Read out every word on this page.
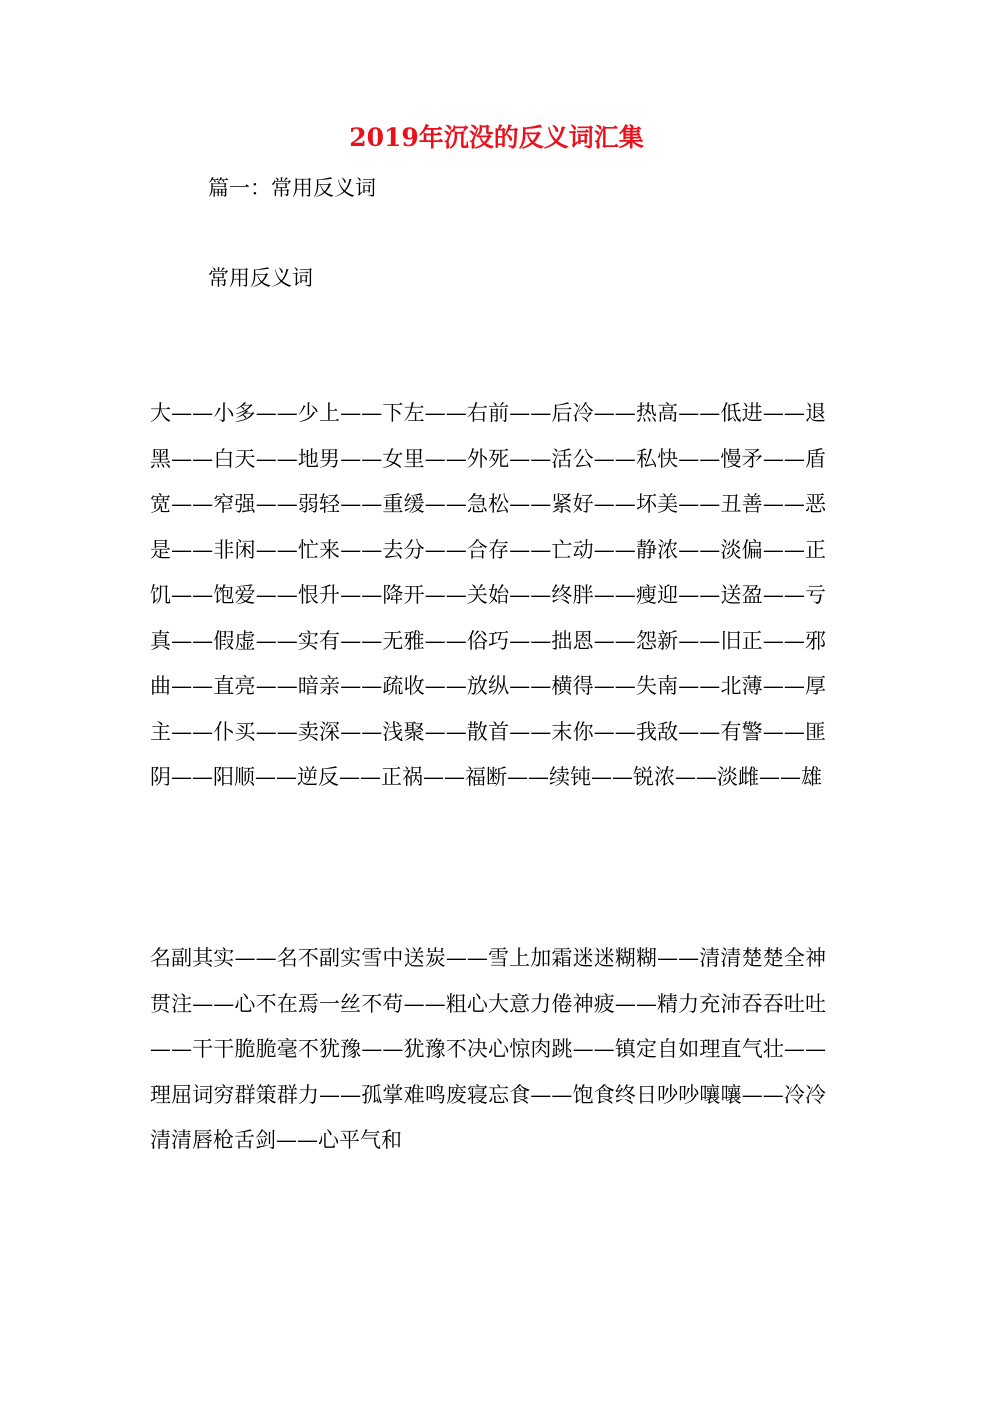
2019年沉没的反义词汇集

篇一：常用反义词

常用反义词

大——小多——少上——下左——右前——后冷——热高——低进——退黑——白天——地男——女里——外死——活公——私快——慢矛——盾宽——窄强——弱轻——重缓——急松——紧好——坏美——丑善——恶是——非闲——忙来——去分——合存——亡动——静浓——淡偏——正饥——饱爱——恨升——降开——关始——终胖——瘦迎——送盈——亏真——假虚——实有——无雅——俗巧——拙恩——怨新——旧正——邪曲——直亮——暗亲——疏收——放纵——横得——失南——北薄——厚主——仆买——卖深——浅聚——散首——末你——我敌——有警——匪阴——阳顺——逆反——正祸——福断——续钝——锐浓——淡雌——雄

名副其实——名不副实雪中送炭——雪上加霜迷迷糊糊——清清楚楚全神贯注——心不在焉一丝不苟——粗心大意力倦神疲——精力充沛吞吞吐吐——干干脆脆毫不犹豫——犹豫不决心惊肉跳——镇定自如理直气壮——理屈词穷群策群力——孤掌难鸣废寝忘食——饱食终日吵吵嚷嚷——冷冷清清唇枪舌剑——心平气和
